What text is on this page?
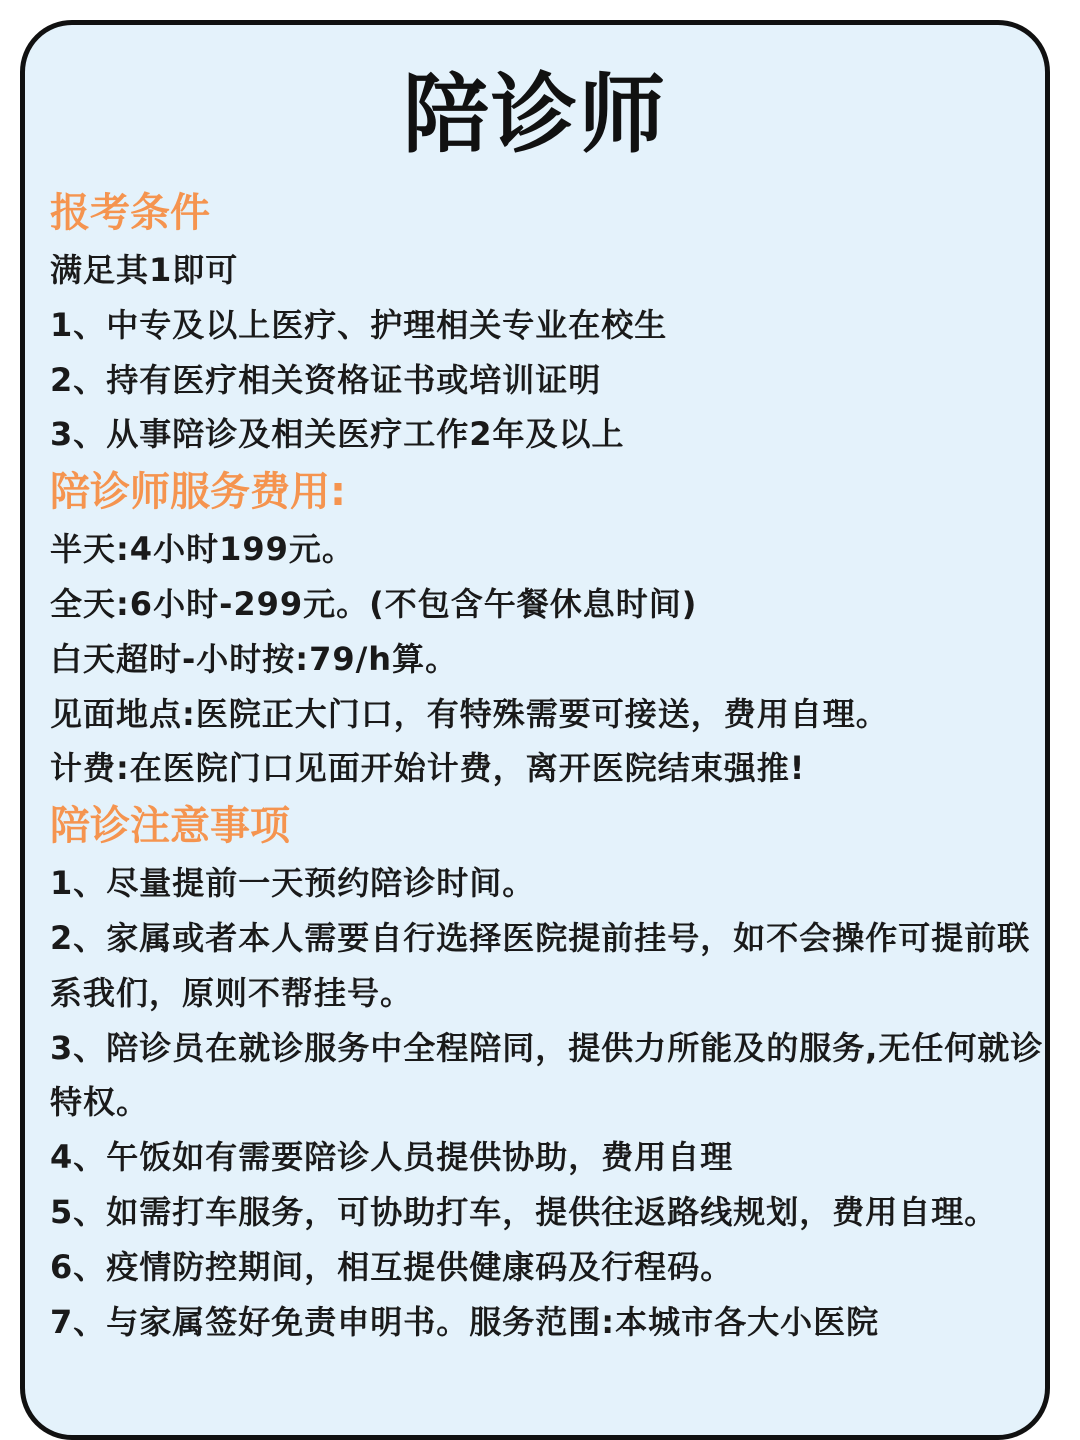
陪诊师
报考条件
满足其1即可
1、中专及以上医疗、护理相关专业在校生
2、持有医疗相关资格证书或培训证明
3、从事陪诊及相关医疗工作2年及以上
陪诊师服务费用:
半天:4小时199元。
全天:6小时-299元。(不包含午餐休息时间)
白天超时-小时按:79/h算。
见面地点:医院正大门口，有特殊需要可接送，费用自理。
计费:在医院门口见面开始计费，离开医院结束强推!
陪诊注意事项
1、尽量提前一天预约陪诊时间。
2、家属或者本人需要自行选择医院提前挂号，如不会操作可提前联系我们，原则不帮挂号。
3、陪诊员在就诊服务中全程陪同，提供力所能及的服务,无任何就诊特权。
4、午饭如有需要陪诊人员提供协助，费用自理
5、如需打车服务，可协助打车，提供往返路线规划，费用自理。
6、疫情防控期间，相互提供健康码及行程码。
7、与家属签好免责申明书。服务范围:本城市各大小医院
